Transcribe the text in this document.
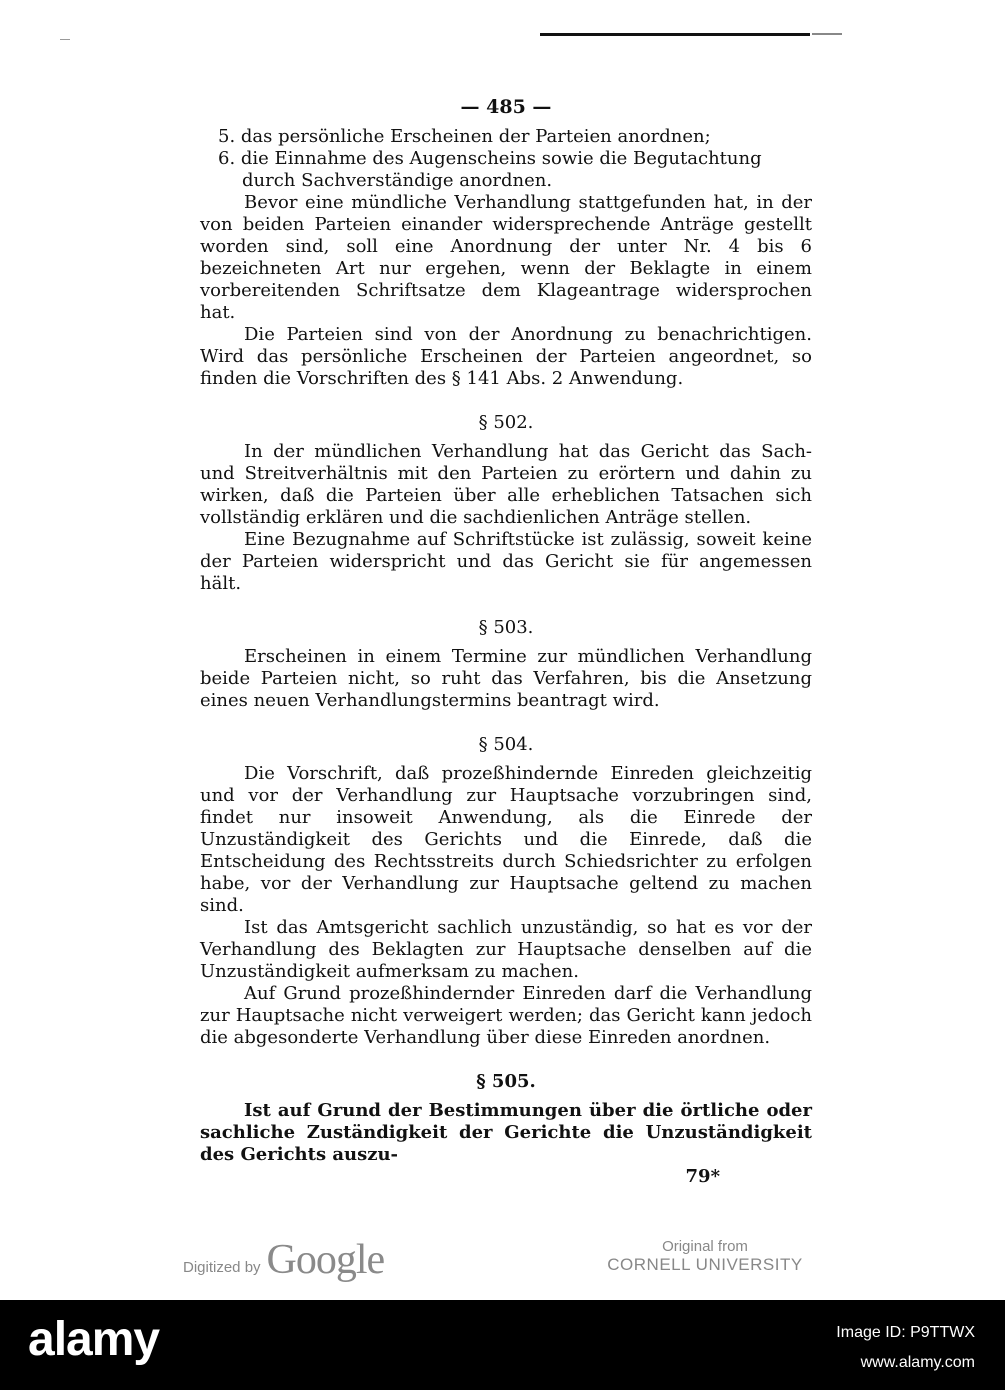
— 485 —
5. das persönliche Erscheinen der Parteien anordnen;
6. die Einnahme des Augenscheins sowie die Begutachtung durch Sachverständige anordnen.

Bevor eine mündliche Verhandlung stattgefunden hat, in der von beiden Parteien einander widersprechende Anträge gestellt worden sind, soll eine Anordnung der unter Nr. 4 bis 6 bezeichneten Art nur ergehen, wenn der Beklagte in einem vorbereitenden Schriftsatze dem Klageantrage widersprochen hat.

Die Parteien sind von der Anordnung zu benachrichtigen. Wird das persönliche Erscheinen der Parteien angeordnet, so finden die Vorschriften des § 141 Abs. 2 Anwendung.

§ 502.

In der mündlichen Verhandlung hat das Gericht das Sach- und Streitverhältnis mit den Parteien zu erörtern und dahin zu wirken, daß die Parteien über alle erheblichen Tatsachen sich vollständig erklären und die sachdienlichen Anträge stellen.

Eine Bezugnahme auf Schriftstücke ist zulässig, soweit keine der Parteien widerspricht und das Gericht sie für angemessen hält.

§ 503.

Erscheinen in einem Termine zur mündlichen Verhandlung beide Parteien nicht, so ruht das Verfahren, bis die Ansetzung eines neuen Verhandlungstermins beantragt wird.

§ 504.

Die Vorschrift, daß prozeßhindernde Einreden gleichzeitig und vor der Verhandlung zur Hauptsache vorzubringen sind, findet nur insoweit Anwendung, als die Einrede der Unzuständigkeit des Gerichts und die Einrede, daß die Entscheidung des Rechtsstreits durch Schiedsrichter zu erfolgen habe, vor der Verhandlung zur Hauptsache geltend zu machen sind.

Ist das Amtsgericht sachlich unzuständig, so hat es vor der Verhandlung des Beklagten zur Hauptsache denselben auf die Unzuständigkeit aufmerksam zu machen.

Auf Grund prozeßhindernder Einreden darf die Verhandlung zur Hauptsache nicht verweigert werden; das Gericht kann jedoch die abgesonderte Verhandlung über diese Einreden anordnen.

§ 505.

Ist auf Grund der Bestimmungen über die örtliche oder sachliche Zuständigkeit der Gerichte die Unzuständigkeit des Gerichts auszu-

79*
Digitized by Google	Original from
CORNELL UNIVERSITY
alamy	Image ID: P9TTWX
www.alamy.com
